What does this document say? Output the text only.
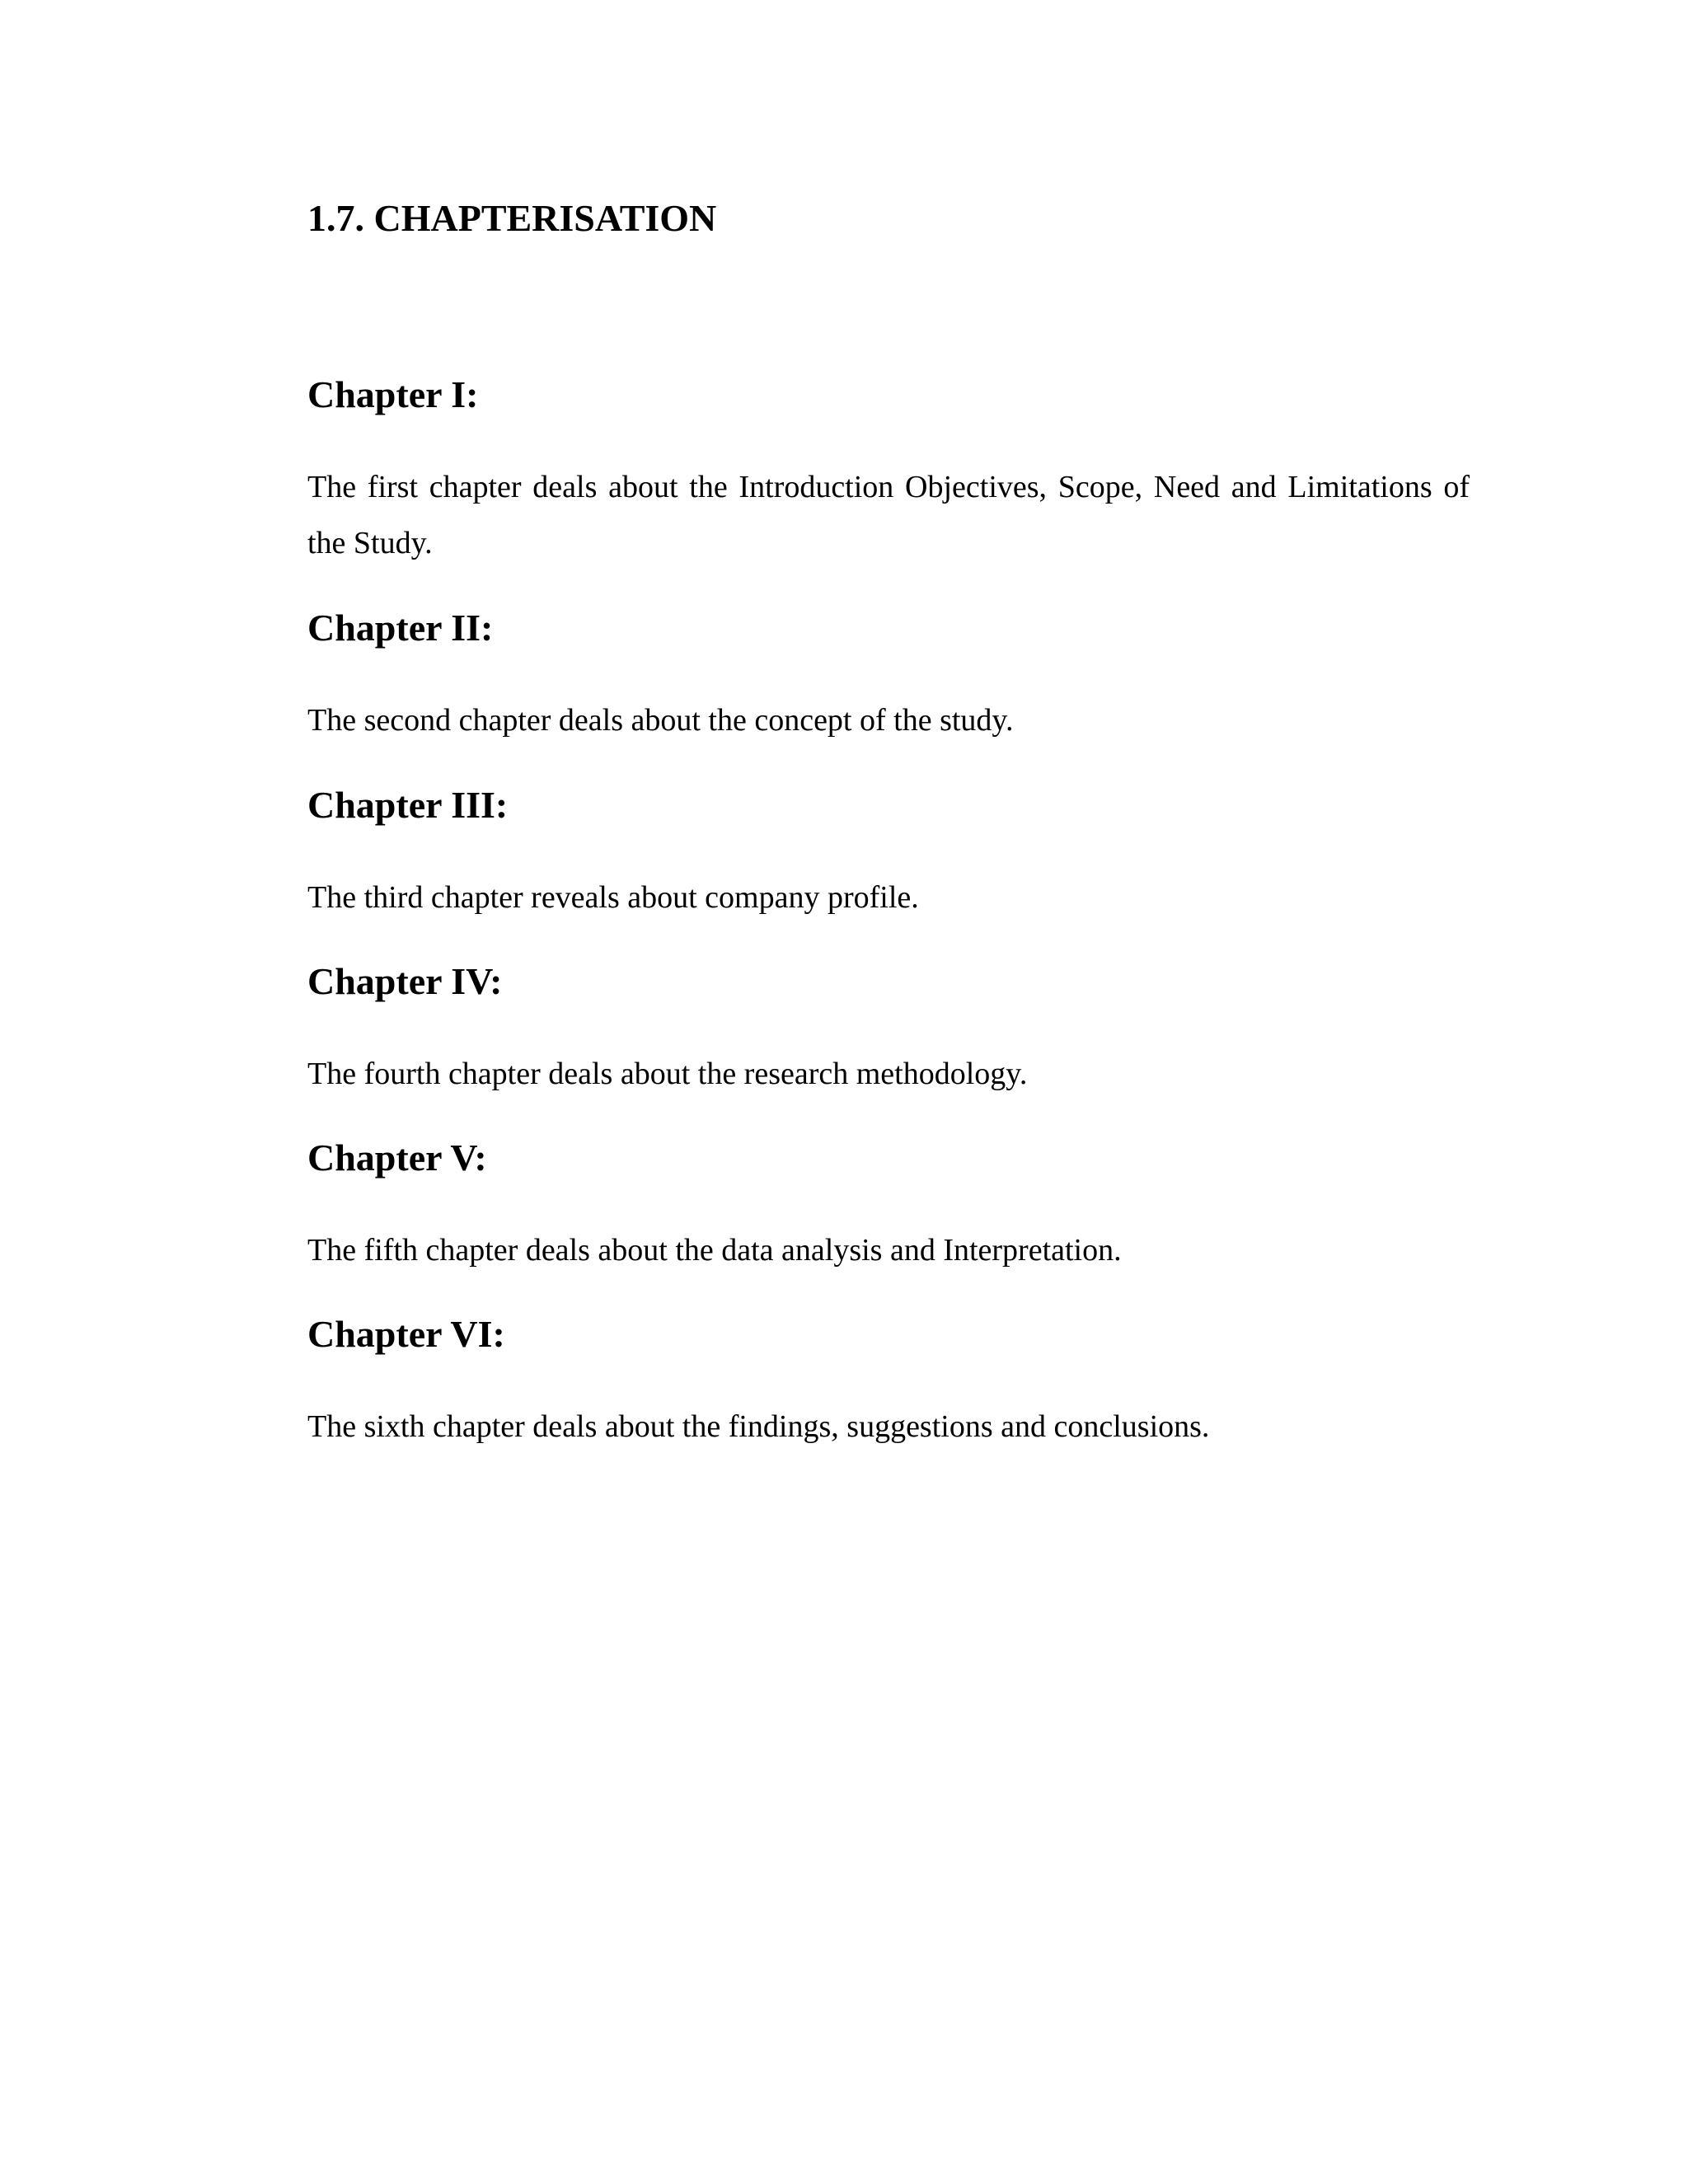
1.7. CHAPTERISATION
Chapter I:

The first chapter deals about the Introduction Objectives, Scope, Need and Limitations of the Study.

Chapter II:

The second chapter deals about the concept of the study.

Chapter III:

The third chapter reveals about company profile.

Chapter IV:

The fourth chapter deals about the research methodology.

Chapter V:

The fifth chapter deals about the data analysis and Interpretation.

Chapter VI:

The sixth chapter deals about the findings, suggestions and conclusions.
